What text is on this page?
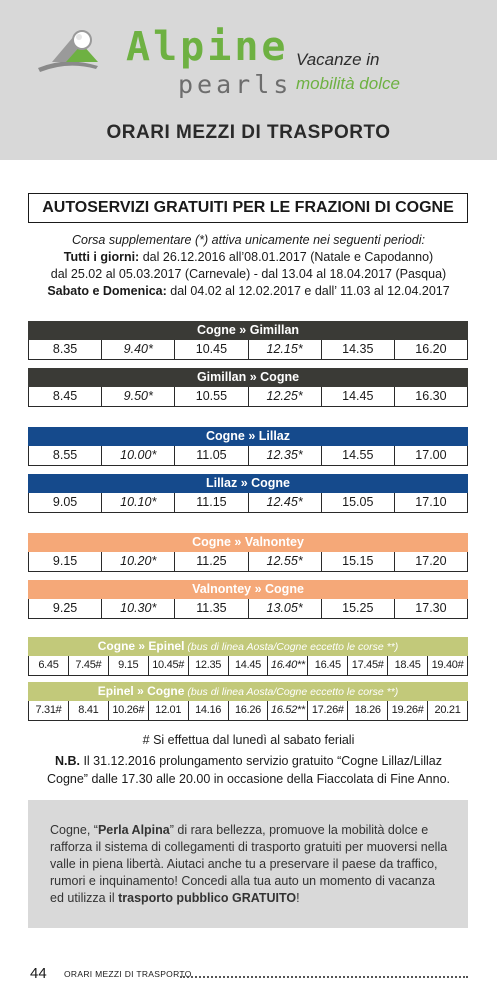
Alpine
pearls
Vacanze in
mobilità dolce
ORARI MEZZI DI TRASPORTO
AUTOSERVIZI GRATUITI PER LE FRAZIONI DI COGNE
Corsa supplementare (*) attiva unicamente nei seguenti periodi:
Tutti i giorni: dal 26.12.2016 all’08.01.2017 (Natale e Capodanno)
dal 25.02 al 05.03.2017 (Carnevale) - dal 13.04 al 18.04.2017 (Pasqua)
Sabato e Domenica: dal 04.02 al 12.02.2017 e dall’ 11.03 al 12.04.2017
Cogne » Gimillan
8.35	9.40*	10.45	12.15*	14.35	16.20
Gimillan » Cogne
8.45	9.50*	10.55	12.25*	14.45	16.30
Cogne » Lillaz
8.55	10.00*	11.05	12.35*	14.55	17.00
Lillaz » Cogne
9.05	10.10*	11.15	12.45*	15.05	17.10
Cogne » Valnontey
9.15	10.20*	11.25	12.55*	15.15	17.20
Valnontey » Cogne
9.25	10.30*	11.35	13.05*	15.25	17.30
Cogne » Epinel (bus di linea Aosta/Cogne eccetto le corse **)
6.45	7.45#	9.15	10.45# 12.35	14.45 16.40** 16.45 17.45# 18.45 19.40#
Epinel » Cogne (bus di linea Aosta/Cogne eccetto le corse **)
7.31#	8.41	10.26# 12.01	14.16	16.26 16.52** 17.26# 18.26 19.26# 20.21
# Si effettua dal lunedì al sabato feriali
N.B. Il 31.12.2016 prolungamento servizio gratuito “Cogne Lillaz/Lillaz Cogne” dalle 17.30 alle 20.00 in occasione della Fiaccolata di Fine Anno.

Cogne, “Perla Alpina” di rara bellezza, promuove la mobilità dolce e rafforza il sistema di collegamenti di trasporto gratuiti per muoversi nella valle in piena libertà. Aiutaci anche tu a preservare il paese da traffico, rumori e inquinamento! Concedi alla tua auto un momento di vacanza ed utilizza il trasporto pubblico GRATUITO!

44 ORARI MEZZI DI TRASPORTO
